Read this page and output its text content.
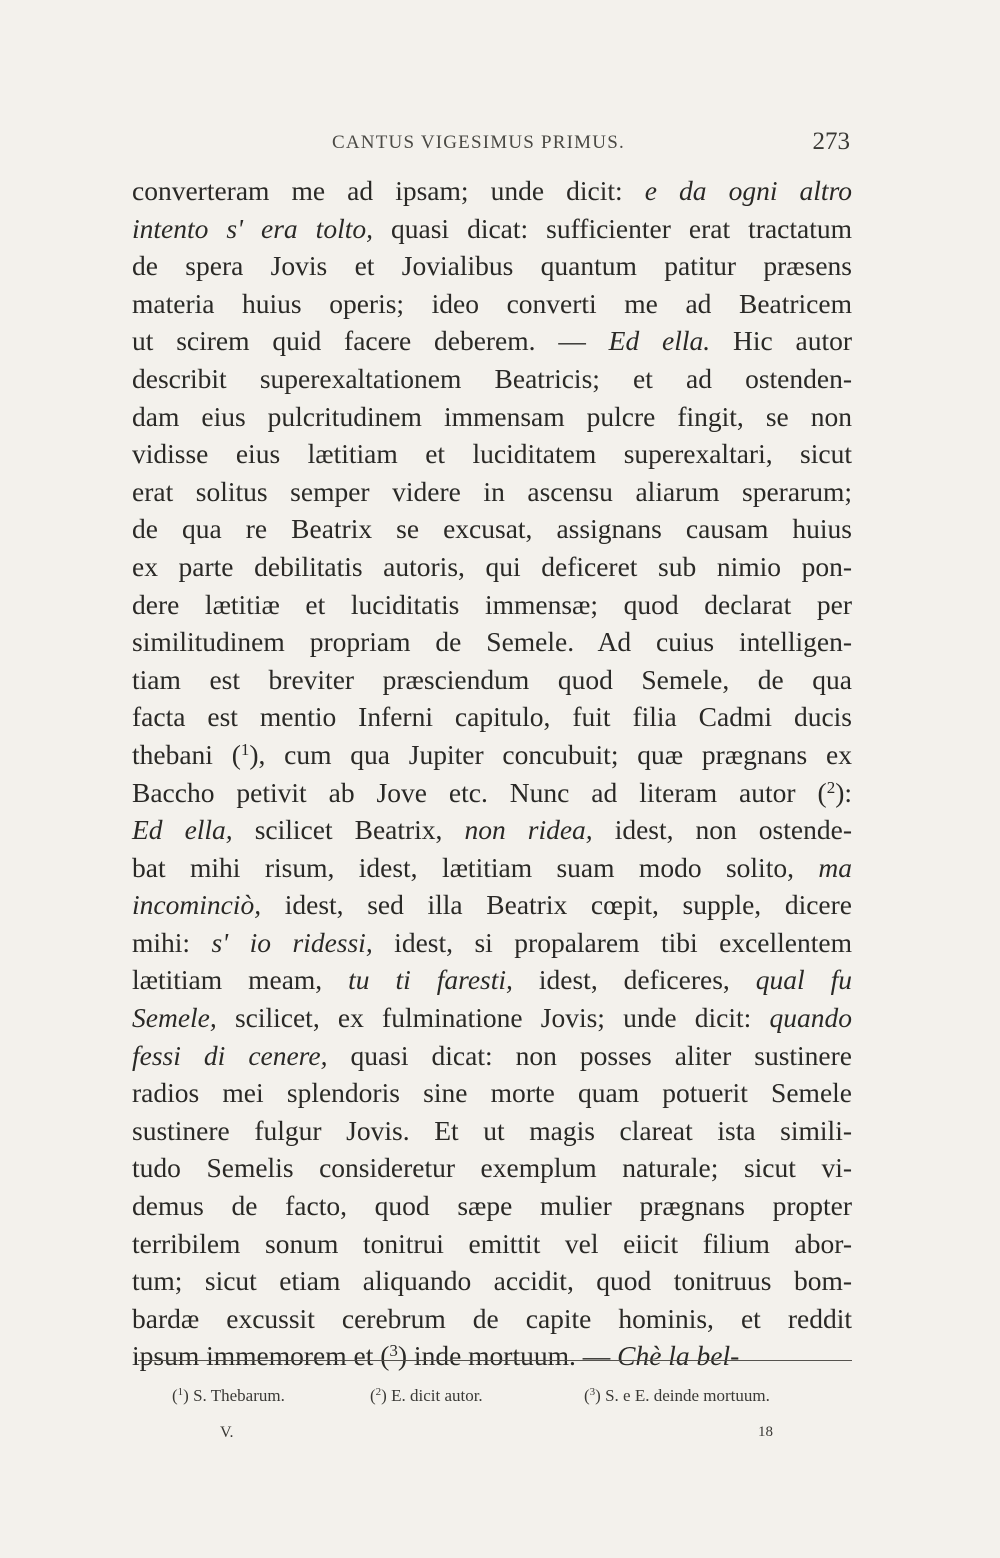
CANTUS VIGESIMUS PRIMUS.	273
converteram me ad ipsam; unde dicit: e da ogni altro
intento s' era tolto, quasi dicat: sufficienter erat tractatum
de spera Jovis et Jovialibus quantum patitur præsens
materia huius operis; ideo converti me ad Beatricem
ut scirem quid facere deberem. — Ed ella. Hic autor
describit superexaltationem Beatricis; et ad ostenden-
dam eius pulcritudinem immensam pulcre fingit, se non
vidisse eius lætitiam et luciditatem superexaltari, sicut
erat solitus semper videre in ascensu aliarum sperarum;
de qua re Beatrix se excusat, assignans causam huius
ex parte debilitatis autoris, qui deficeret sub nimio pon-
dere lætitiæ et luciditatis immensæ; quod declarat per
similitudinem propriam de Semele. Ad cuius intelligen-
tiam est breviter præsciendum quod Semele, de qua
facta est mentio Inferni capitulo, fuit filia Cadmi ducis
thebani ($^1$), cum qua Jupiter concubuit; quæ prægnans ex
Baccho petivit ab Jove etc. Nunc ad literam autor ($^2$):
Ed ella, scilicet Beatrix, non ridea, idest, non ostende-
bat mihi risum, idest, lætitiam suam modo solito, ma
incominciò, idest, sed illa Beatrix cœpit, supple, dicere
mihi: s' io ridessi, idest, si propalarem tibi excellentem
lætitiam meam, tu ti faresti, idest, deficeres, qual fu
Semele, scilicet, ex fulminatione Jovis; unde dicit: quando
fessi di cenere, quasi dicat: non posses aliter sustinere
radios mei splendoris sine morte quam potuerit Semele
sustinere fulgur Jovis. Et ut magis clareat ista simili-
tudo Semelis consideretur exemplum naturale; sicut vi-
demus de facto, quod sæpe mulier prægnans propter
terribilem sonum tonitrui emittit vel eiicit filium abor-
tum; sicut etiam aliquando accidit, quod tonitruus bom-
bardæ excussit cerebrum de capite hominis, et reddit
ipsum immemorem et ($^3$) inde mortuum. — Chè la bel-
($^1$) S. Thebarum.	($^2$) E. dicit autor.	($^3$) S. e E. deinde mortuum.
V.	18
